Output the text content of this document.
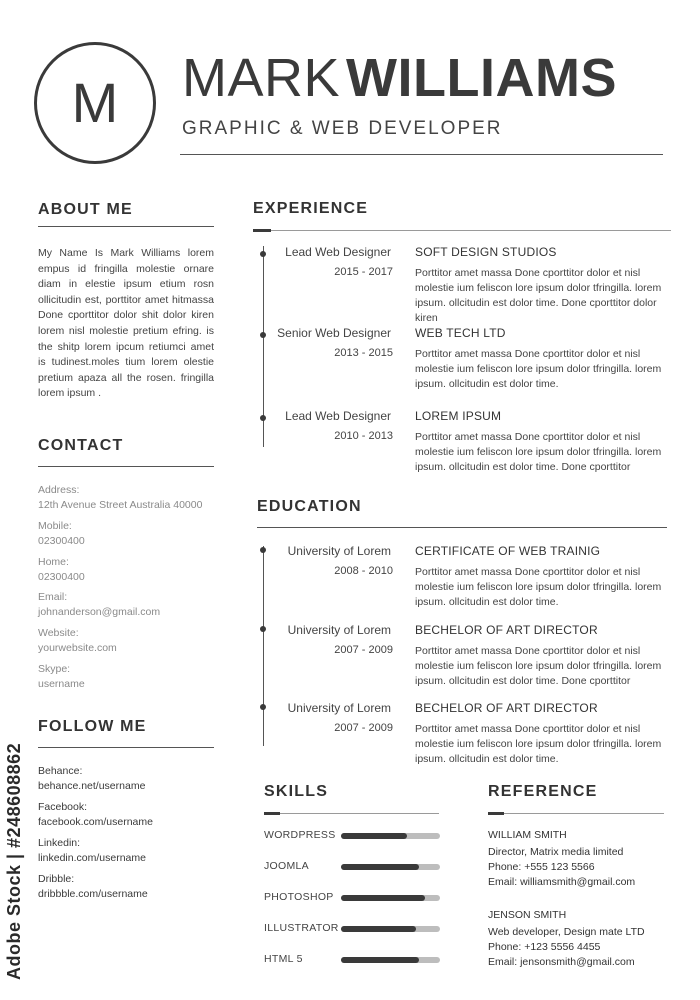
M MARK WILLIAMS
GRAPHIC & WEB DEVELOPER
ABOUT ME
My Name Is Mark Williams lorem empus id fringilla molestie ornare diam in elestie ipsum etium rosn ollicitudin est, porttitor amet hitmassa Done cporttitor dolor shit dolor kiren lorem nisl molestie pretium efring. is the shitp lorem ipcum retiumci amet is tudinest.moles tium lorem olestie pretium apaza all the rosen. fringilla lorem ipsum .
CONTACT
Address:
12th Avenue Street Australia 40000
Mobile:
02300400
Home:
02300400
Email:
johnanderson@gmail.com
Website:
yourwebsite.com
Skype:
username
FOLLOW ME
Behance:
behance.net/username
Facebook:
facebook.com/username
Linkedin:
linkedin.com/username
Dribble:
dribbble.com/username
EXPERIENCE
Lead Web Designer
2015 - 2017
SOFT DESIGN STUDIOS
Porttitor amet massa Done cporttitor dolor et nisl molestie ium feliscon lore ipsum dolor tfringilla. lorem ipsum. ollcitudin est dolor time. Done cporttitor dolor kiren
Senior Web Designer
2013 - 2015
WEB TECH LTD
Porttitor amet massa Done cporttitor dolor et nisl molestie ium feliscon lore ipsum dolor tfringilla. lorem ipsum. ollcitudin est dolor time.
Lead Web Designer
2010 - 2013
LOREM IPSUM
Porttitor amet massa Done cporttitor dolor et nisl molestie ium feliscon lore ipsum dolor tfringilla. lorem ipsum. ollcitudin est dolor time. Done cporttitor
EDUCATION
University of Lorem
2008 - 2010
CERTIFICATE OF WEB TRAINIG
Porttitor amet massa Done cporttitor dolor et nisl molestie ium feliscon lore ipsum dolor tfringilla. lorem ipsum. ollcitudin est dolor time.
University of Lorem
2007 - 2009
BECHELOR OF ART DIRECTOR
Porttitor amet massa Done cporttitor dolor et nisl molestie ium feliscon lore ipsum dolor tfringilla. lorem ipsum. ollcitudin est dolor time. Done cporttitor
University of Lorem
2007 - 2009
BECHELOR OF ART DIRECTOR
Porttitor amet massa Done cporttitor dolor et nisl molestie ium feliscon lore ipsum dolor tfringilla. lorem ipsum. ollcitudin est dolor time.
SKILLS
WORDPRESS
JOOMLA
PHOTOSHOP
ILLUSTRATOR
HTML 5
REFERENCE
WILLIAM SMITH
Director, Matrix media limited
Phone: +555 123 5566
Email: williamsmith@gmail.com
JENSON SMITH
Web developer, Design mate LTD
Phone: +123 5556 4455
Email: jensonsmith@gmail.com
Adobe Stock | #248608862
